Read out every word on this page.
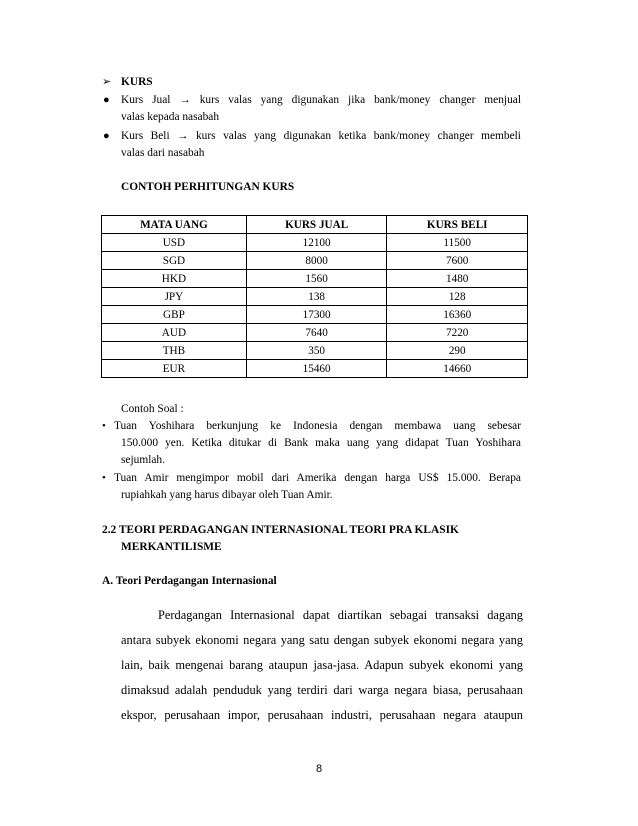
➢ KURS
● Kurs Jual → kurs valas yang digunakan jika bank/money changer menjual
valas kepada nasabah
● Kurs Beli → kurs valas yang digunakan ketika bank/money changer membeli
valas dari nasabah
CONTOH PERHITUNGAN KURS
MATA UANG	KURS JUAL	KURS BELI
USD	12100	11500
SGD	8000	7600
HKD	1560	1480
JPY	138	128
GBP	17300	16360
AUD	7640	7220
THB	350	290
EUR	15460	14660
Contoh Soal :
• Tuan Yoshihara berkunjung ke Indonesia dengan membawa uang sebesar
150.000 yen. Ketika ditukar di Bank maka uang yang didapat Tuan Yoshihara
sejumlah.
• Tuan Amir mengimpor mobil dari Amerika dengan harga US$ 15.000. Berapa
rupiahkah yang harus dibayar oleh Tuan Amir.
2.2 TEORI PERDAGANGAN INTERNASIONAL TEORI PRA KLASIK
MERKANTILISME
A. Teori Perdagangan Internasional
Perdagangan Internasional dapat diartikan sebagai transaksi dagang
antara subyek ekonomi negara yang satu dengan subyek ekonomi negara yang
lain, baik mengenai barang ataupun jasa-jasa. Adapun subyek ekonomi yang
dimaksud adalah penduduk yang terdiri dari warga negara biasa, perusahaan
ekspor, perusahaan impor, perusahaan industri, perusahaan negara ataupun
8
